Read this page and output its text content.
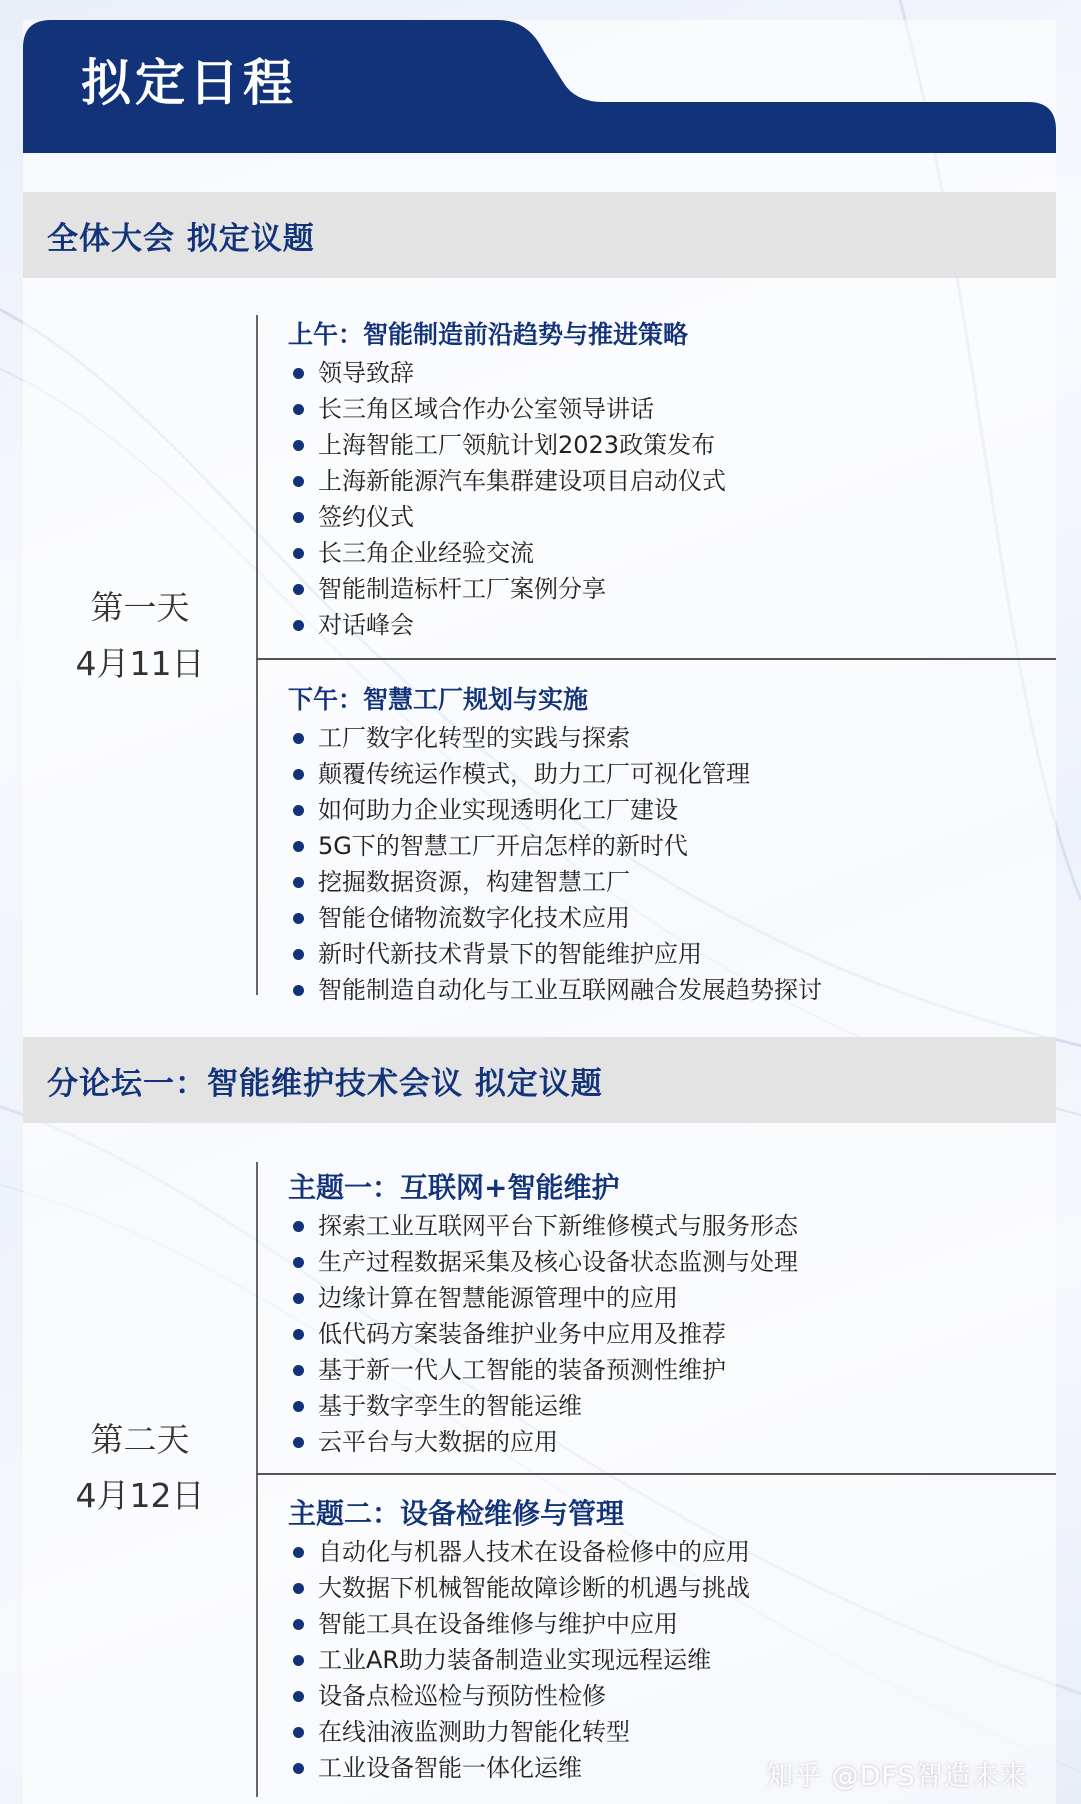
拟定日程
全体大会 拟定议题
第一天
4月11日
上午：智能制造前沿趋势与推进策略
领导致辞
长三角区域合作办公室领导讲话
上海智能工厂领航计划2023政策发布
上海新能源汽车集群建设项目启动仪式
签约仪式
长三角企业经验交流
智能制造标杆工厂案例分享
对话峰会
下午：智慧工厂规划与实施
工厂数字化转型的实践与探索
颠覆传统运作模式，助力工厂可视化管理
如何助力企业实现透明化工厂建设
5G下的智慧工厂开启怎样的新时代
挖掘数据资源，构建智慧工厂
智能仓储物流数字化技术应用
新时代新技术背景下的智能维护应用
智能制造自动化与工业互联网融合发展趋势探讨
分论坛一：智能维护技术会议 拟定议题
第二天
4月12日
主题一：互联网+智能维护
探索工业互联网平台下新维修模式与服务形态
生产过程数据采集及核心设备状态监测与处理
边缘计算在智慧能源管理中的应用
低代码方案装备维护业务中应用及推荐
基于新一代人工智能的装备预测性维护
基于数字孪生的智能运维
云平台与大数据的应用
主题二：设备检维修与管理
自动化与机器人技术在设备检修中的应用
大数据下机械智能故障诊断的机遇与挑战
智能工具在设备维修与维护中应用
工业AR助力装备制造业实现远程运维
设备点检巡检与预防性检修
在线油液监测助力智能化转型
工业设备智能一体化运维	知乎 @DFS智造未来
